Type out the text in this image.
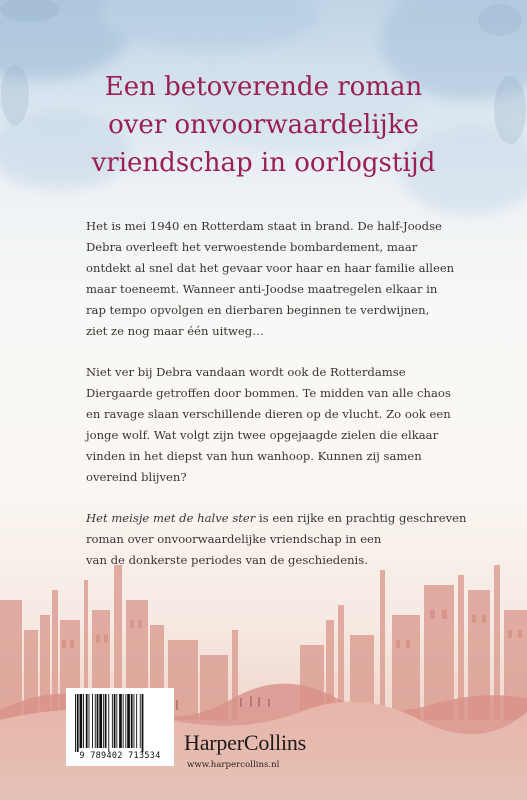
Een betoverende roman
over onvoorwaardelijke
vriendschap in oorlogstijd

Het is mei 1940 en Rotterdam staat in brand. De half-Joodse
Debra overleeft het verwoestende bombardement, maar
ontdekt al snel dat het gevaar voor haar en haar familie alleen
maar toeneemt. Wanneer anti-Joodse maatregelen elkaar in
rap tempo opvolgen en dierbaren beginnen te verdwijnen,
ziet ze nog maar één uitweg…

Niet ver bij Debra vandaan wordt ook de Rotterdamse
Diergaarde getroffen door bommen. Te midden van alle chaos
en ravage slaan verschillende dieren op de vlucht. Zo ook een
jonge wolf. Wat volgt zijn twee opgejaagde zielen die elkaar
vinden in het diepst van hun wanhoop. Kunnen zij samen
overeind blijven?

Het meisje met de halve ster is een rijke en prachtig geschreven
roman over onvoorwaardelijke vriendschap in een
van de donkerste periodes van de geschiedenis.

9 789402 713534
HarperCollins
www.harpercollins.nl
